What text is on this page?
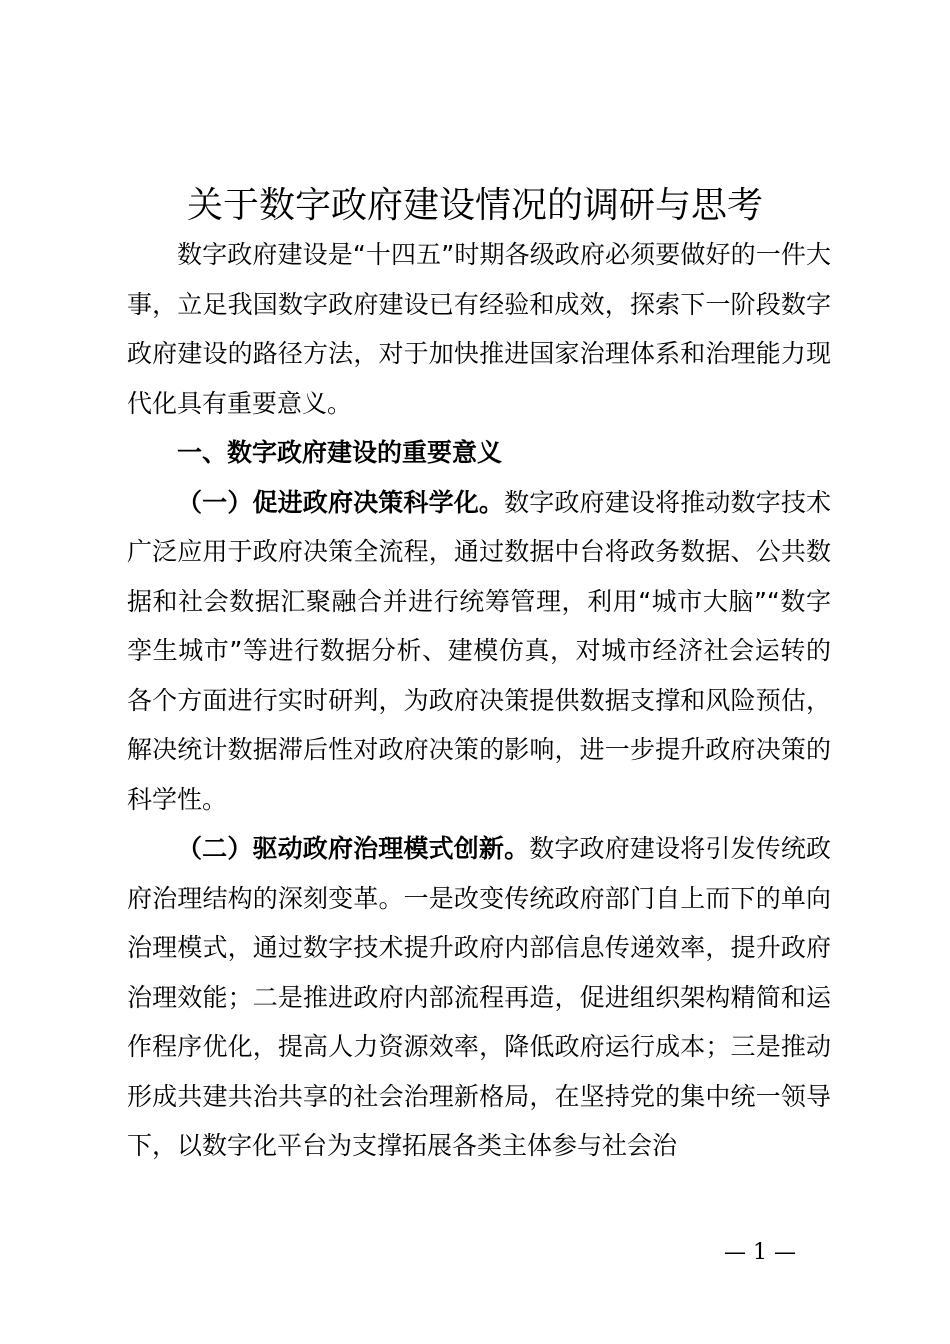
关于数字政府建设情况的调研与思考

数字政府建设是“十四五”时期各级政府必须要做好的一件大事，立足我国数字政府建设已有经验和成效，探索下一阶段数字政府建设的路径方法，对于加快推进国家治理体系和治理能力现代化具有重要意义。

一、数字政府建设的重要意义

（一）促进政府决策科学化。数字政府建设将推动数字技术广泛应用于政府决策全流程，通过数据中台将政务数据、公共数据和社会数据汇聚融合并进行统筹管理，利用“城市大脑”“数字孪生城市”等进行数据分析、建模仿真，对城市经济社会运转的各个方面进行实时研判，为政府决策提供数据支撑和风险预估，解决统计数据滞后性对政府决策的影响，进一步提升政府决策的科学性。

（二）驱动政府治理模式创新。数字政府建设将引发传统政府治理结构的深刻变革。一是改变传统政府部门自上而下的单向治理模式，通过数字技术提升政府内部信息传递效率，提升政府治理效能；二是推进政府内部流程再造，促进组织架构精简和运作程序优化，提高人力资源效率，降低政府运行成本；三是推动形成共建共治共享的社会治理新格局，在坚持党的集中统一领导下，以数字化平台为支撑拓展各类主体参与社会治

— 1 —
